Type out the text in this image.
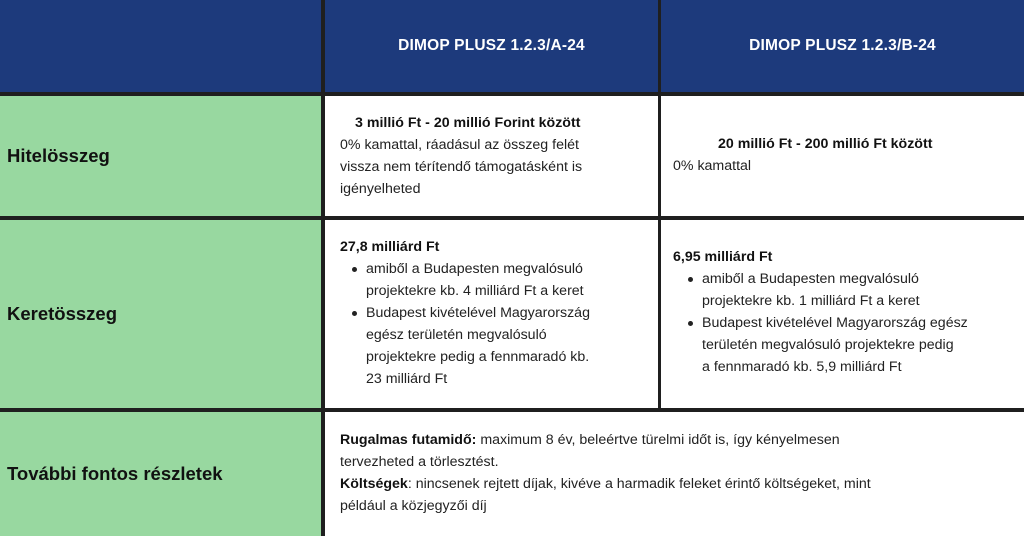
DIMOP PLUSZ 1.2.3/A-24	DIMOP PLUSZ 1.2.3/B-24
Hitelösszeg
3 millió Ft - 20 millió Forint között
0% kamattal, ráadásul az összeg felét
vissza nem térítendő támogatásként is
igényelheted
20 millió Ft - 200 millió Ft között
0% kamattal
Keretösszeg
27,8 milliárd Ft
amiből a Budapesten megvalósuló
projektekre kb. 4 milliárd Ft a keret
Budapest kivételével Magyarország
egész területén megvalósuló
projektekre pedig a fennmaradó kb.
23 milliárd Ft
6,95 milliárd Ft
amiből a Budapesten megvalósuló
projektekre kb. 1 milliárd Ft a keret
Budapest kivételével Magyarország egész
területén megvalósuló projektekre pedig
a fennmaradó kb. 5,9 milliárd Ft
További fontos részletek
Rugalmas futamidő: maximum 8 év, beleértve türelmi időt is, így kényelmesen
tervezheted a törlesztést.
Költségek: nincsenek rejtett díjak, kivéve a harmadik feleket érintő költségeket, mint
például a közjegyzői díj
